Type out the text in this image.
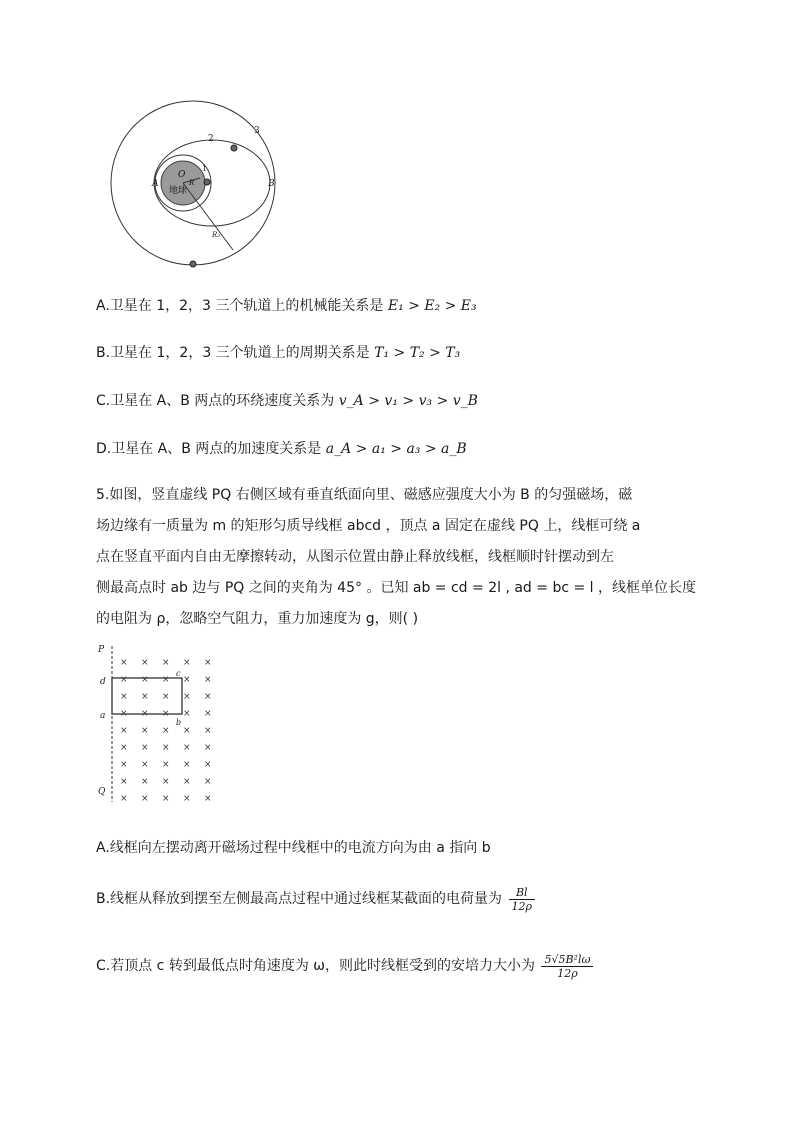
2
3
1
A	B
O
地球
R
R₃
A.卫星在 1，2，3 三个轨道上的机械能关系是 E₁ > E₂ > E₃
B.卫星在 1，2，3 三个轨道上的周期关系是 T₁ > T₂ > T₃
C.卫星在 A、B 两点的环绕速度关系为 v_A > v₁ > v₃ > v_B
D.卫星在 A、B 两点的加速度关系是 a_A > a₁ > a₃ > a_B
5.如图，竖直虚线 PQ 右侧区域有垂直纸面向里、磁感应强度大小为 B 的匀强磁场，磁
场边缘有一质量为 m 的矩形匀质导线框 abcd ，顶点 a 固定在虚线 PQ 上，线框可绕 a
点在竖直平面内自由无摩擦转动，从图示位置由静止释放线框，线框顺时针摆动到左
侧最高点时 ab 边与 PQ 之间的夹角为 45° 。已知 ab = cd = 2l , ad = bc = l ，线框单位长度
的电阻为 ρ，忽略空气阻力，重力加速度为 g，则( )
× × × × ×
× × × × ×
× × × × ×
× × × × ×
× × × × ×
× × × × ×
× × × × ×
× × × × ×
× × × × ×
P
d
c
a
b
Q
A.线框向左摆动离开磁场过程中线框中的电流方向为由 a 指向 b
B.线框从释放到摆至左侧最高点过程中通过线框某截面的电荷量为 $\frac{Bl}{12\rho}$
C.若顶点 c 转到最低点时角速度为 ω，则此时线框受到的安培力大小为 $\frac{\text{5√5B²lω}}{12\rho}$
